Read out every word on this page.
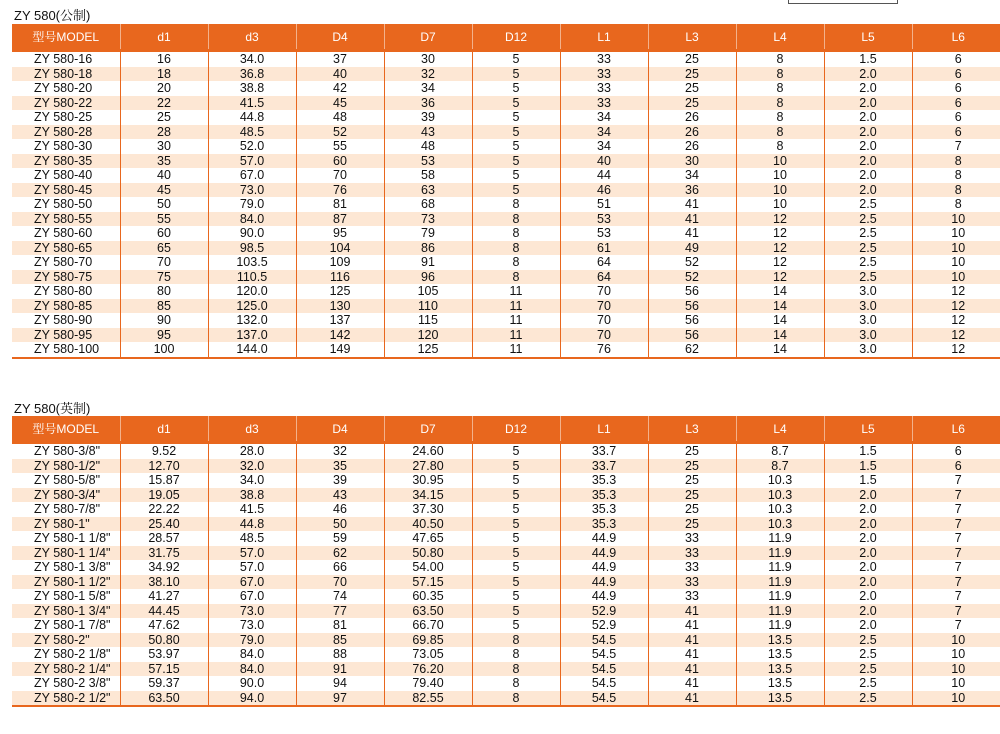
ZY 580(公制)
型号MODEL	d1	d3	D4	D7	D12	L1	L3	L4	L5	L6
ZY 580-16	16	34.0	37	30	5	33	25	8	1.5	6
ZY 580-18	18	36.8	40	32	5	33	25	8	2.0	6
ZY 580-20	20	38.8	42	34	5	33	25	8	2.0	6
ZY 580-22	22	41.5	45	36	5	33	25	8	2.0	6
ZY 580-25	25	44.8	48	39	5	34	26	8	2.0	6
ZY 580-28	28	48.5	52	43	5	34	26	8	2.0	6
ZY 580-30	30	52.0	55	48	5	34	26	8	2.0	7
ZY 580-35	35	57.0	60	53	5	40	30	10	2.0	8
ZY 580-40	40	67.0	70	58	5	44	34	10	2.0	8
ZY 580-45	45	73.0	76	63	5	46	36	10	2.0	8
ZY 580-50	50	79.0	81	68	8	51	41	10	2.5	8
ZY 580-55	55	84.0	87	73	8	53	41	12	2.5	10
ZY 580-60	60	90.0	95	79	8	53	41	12	2.5	10
ZY 580-65	65	98.5	104	86	8	61	49	12	2.5	10
ZY 580-70	70	103.5	109	91	8	64	52	12	2.5	10
ZY 580-75	75	110.5	116	96	8	64	52	12	2.5	10
ZY 580-80	80	120.0	125	105	11	70	56	14	3.0	12
ZY 580-85	85	125.0	130	110	11	70	56	14	3.0	12
ZY 580-90	90	132.0	137	115	11	70	56	14	3.0	12
ZY 580-95	95	137.0	142	120	11	70	56	14	3.0	12
ZY 580-100	100	144.0	149	125	11	76	62	14	3.0	12
ZY 580(英制)
型号MODEL	d1	d3	D4	D7	D12	L1	L3	L4	L5	L6
ZY 580-3/8"	9.52	28.0	32	24.60	5	33.7	25	8.7	1.5	6
ZY 580-1/2"	12.70	32.0	35	27.80	5	33.7	25	8.7	1.5	6
ZY 580-5/8"	15.87	34.0	39	30.95	5	35.3	25	10.3	1.5	7
ZY 580-3/4"	19.05	38.8	43	34.15	5	35.3	25	10.3	2.0	7
ZY 580-7/8"	22.22	41.5	46	37.30	5	35.3	25	10.3	2.0	7
ZY 580-1"	25.40	44.8	50	40.50	5	35.3	25	10.3	2.0	7
ZY 580-1 1/8"	28.57	48.5	59	47.65	5	44.9	33	11.9	2.0	7
ZY 580-1 1/4"	31.75	57.0	62	50.80	5	44.9	33	11.9	2.0	7
ZY 580-1 3/8"	34.92	57.0	66	54.00	5	44.9	33	11.9	2.0	7
ZY 580-1 1/2"	38.10	67.0	70	57.15	5	44.9	33	11.9	2.0	7
ZY 580-1 5/8"	41.27	67.0	74	60.35	5	44.9	33	11.9	2.0	7
ZY 580-1 3/4"	44.45	73.0	77	63.50	5	52.9	41	11.9	2.0	7
ZY 580-1 7/8"	47.62	73.0	81	66.70	5	52.9	41	11.9	2.0	7
ZY 580-2"	50.80	79.0	85	69.85	8	54.5	41	13.5	2.5	10
ZY 580-2 1/8"	53.97	84.0	88	73.05	8	54.5	41	13.5	2.5	10
ZY 580-2 1/4"	57.15	84.0	91	76.20	8	54.5	41	13.5	2.5	10
ZY 580-2 3/8"	59.37	90.0	94	79.40	8	54.5	41	13.5	2.5	10
ZY 580-2 1/2"	63.50	94.0	97	82.55	8	54.5	41	13.5	2.5	10
